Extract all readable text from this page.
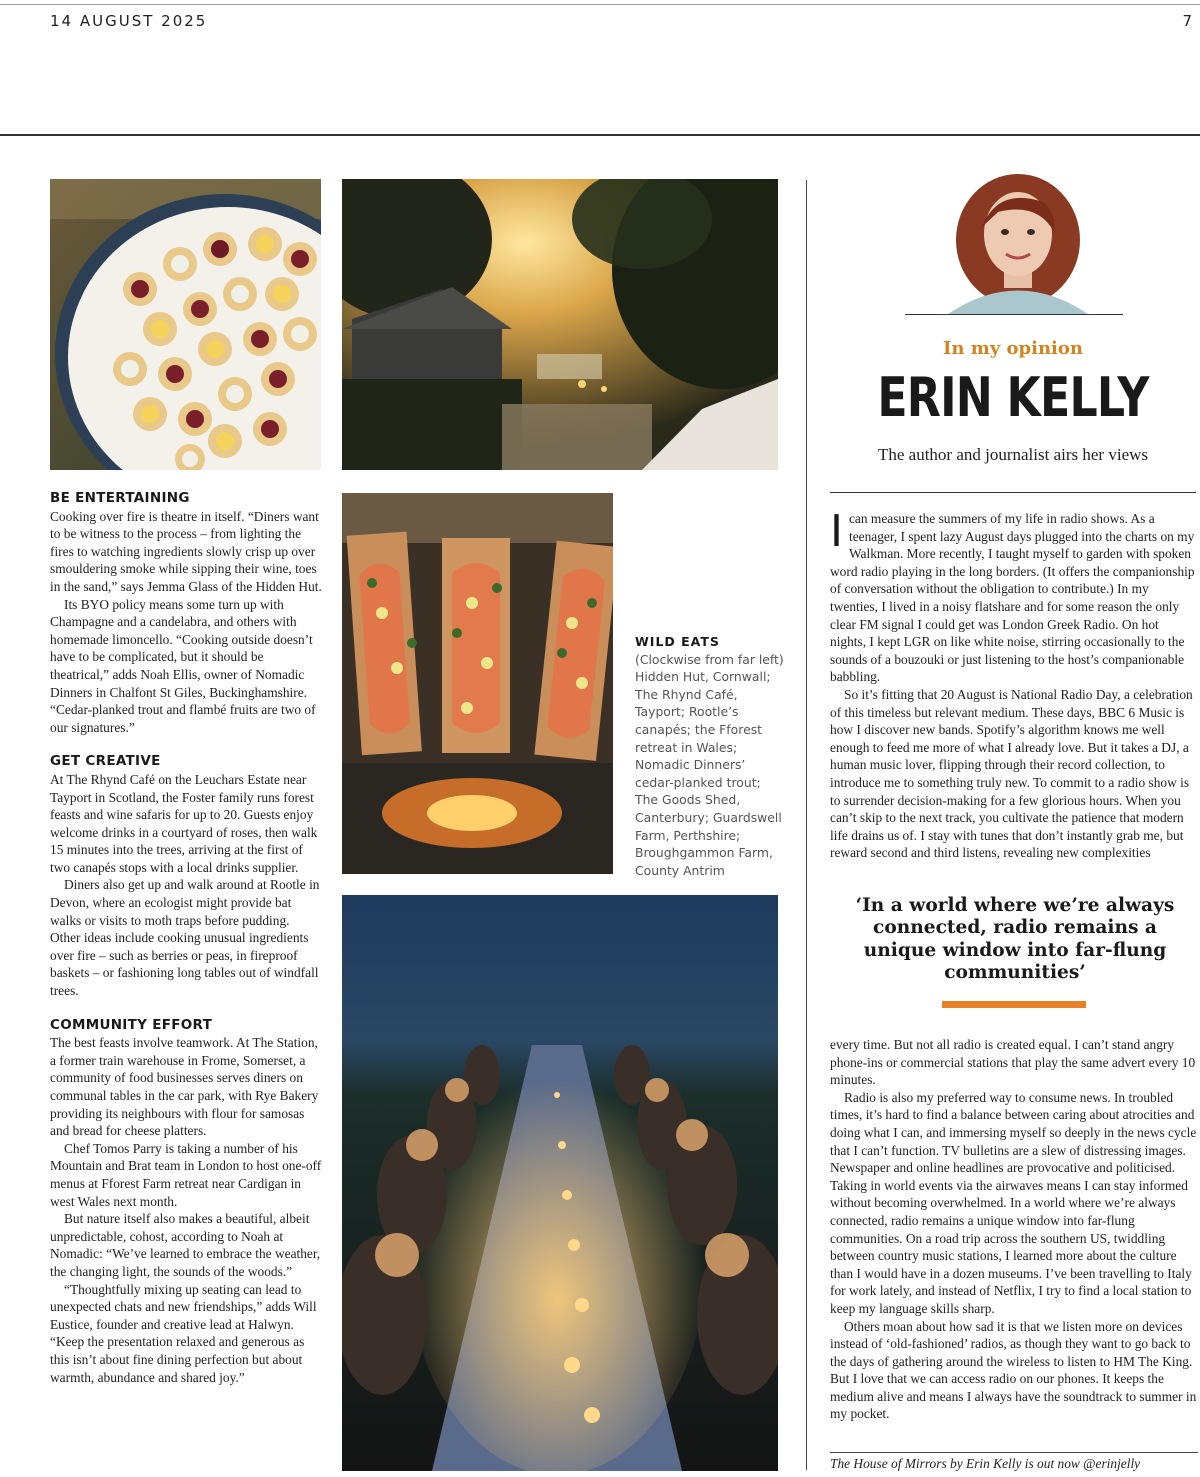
14 AUGUST 2025	7
WILD EATS
(Clockwise from far left) Hidden Hut, Cornwall; The Rhynd Café, Tayport; Rootle’s canapés; the Fforest retreat in Wales; Nomadic Dinners’ cedar-planked trout; The Goods Shed, Canterbury; Guardswell Farm, Perthshire; Broughgammon Farm, County Antrim
BE ENTERTAINING

Cooking over fire is theatre in itself. “Diners want to be witness to the process – from lighting the fires to watching ingredients slowly crisp up over smouldering smoke while sipping their wine, toes in the sand,” says Jemma Glass of the Hidden Hut.

Its BYO policy means some turn up with Champagne and a candelabra, and others with homemade limoncello. “Cooking outside doesn’t have to be complicated, but it should be theatrical,” adds Noah Ellis, owner of Nomadic Dinners in Chalfont St Giles, Buckinghamshire. “Cedar-planked trout and flambé fruits are two of our signatures.”

GET CREATIVE

At The Rhynd Café on the Leuchars Estate near Tayport in Scotland, the Foster family runs forest feasts and wine safaris for up to 20. Guests enjoy welcome drinks in a courtyard of roses, then walk 15 minutes into the trees, arriving at the first of two canapés stops with a local drinks supplier.

Diners also get up and walk around at Rootle in Devon, where an ecologist might provide bat walks or visits to moth traps before pudding. Other ideas include cooking unusual ingredients over fire – such as berries or peas, in fireproof baskets – or fashioning long tables out of windfall trees.

COMMUNITY EFFORT

The best feasts involve teamwork. At The Station, a former train warehouse in Frome, Somerset, a community of food businesses serves diners on communal tables in the car park, with Rye Bakery providing its neighbours with flour for samosas and bread for cheese platters.

Chef Tomos Parry is taking a number of his Mountain and Brat team in London to host one-off menus at Fforest Farm retreat near Cardigan in west Wales next month.

But nature itself also makes a beautiful, albeit unpredictable, cohost, according to Noah at Nomadic: “We’ve learned to embrace the weather, the changing light, the sounds of the woods.”

“Thoughtfully mixing up seating can lead to unexpected chats and new friendships,” adds Will Eustice, founder and creative lead at Halwyn. “Keep the presentation relaxed and generous as this isn’t about fine dining perfection but about warmth, abundance and shared joy.”

In my opinion
ERIN KELLY
The author and journalist airs her views

Ican measure the summers of my life in radio shows. As a teenager, I spent lazy August days plugged into the charts on my Walkman. More recently, I taught myself to garden with spoken word radio playing in the long borders. (It offers the companionship of conversation without the obligation to contribute.) In my twenties, I lived in a noisy flatshare and for some reason the only clear FM signal I could get was London Greek Radio. On hot nights, I kept LGR on like white noise, stirring occasionally to the sounds of a bouzouki or just listening to the host’s companionable babbling.

So it’s fitting that 20 August is National Radio Day, a celebration of this timeless but relevant medium. These days, BBC 6 Music is how I discover new bands. Spotify’s algorithm knows me well enough to feed me more of what I already love. But it takes a DJ, a human music lover, flipping through their record collection, to introduce me to something truly new. To commit to a radio show is to surrender decision-making for a few glorious hours. When you can’t skip to the next track, you cultivate the patience that modern life drains us of. I stay with tunes that don’t instantly grab me, but reward second and third listens, revealing new complexities

‘In a world where we’re always connected, radio remains a unique window into far-flung communities’

every time. But not all radio is created equal. I can’t stand angry phone-ins or commercial stations that play the same advert every 10 minutes.

Radio is also my preferred way to consume news. In troubled times, it’s hard to find a balance between caring about atrocities and doing what I can, and immersing myself so deeply in the news cycle that I can’t function. TV bulletins are a slew of distressing images. Newspaper and online headlines are provocative and politicised. Taking in world events via the airwaves means I can stay informed without becoming overwhelmed. In a world where we’re always connected, radio remains a unique window into far-flung communities. On a road trip across the southern US, twiddling between country music stations, I learned more about the culture than I would have in a dozen museums. I’ve been travelling to Italy for work lately, and instead of Netflix, I try to find a local station to keep my language skills sharp.

Others moan about how sad it is that we listen more on devices instead of ‘old-fashioned’ radios, as though they want to go back to the days of gathering around the wireless to listen to HM The King. But I love that we can access radio on our phones. It keeps the medium alive and means I always have the soundtrack to summer in my pocket.

The House of Mirrors by Erin Kelly is out now @erinjelly
